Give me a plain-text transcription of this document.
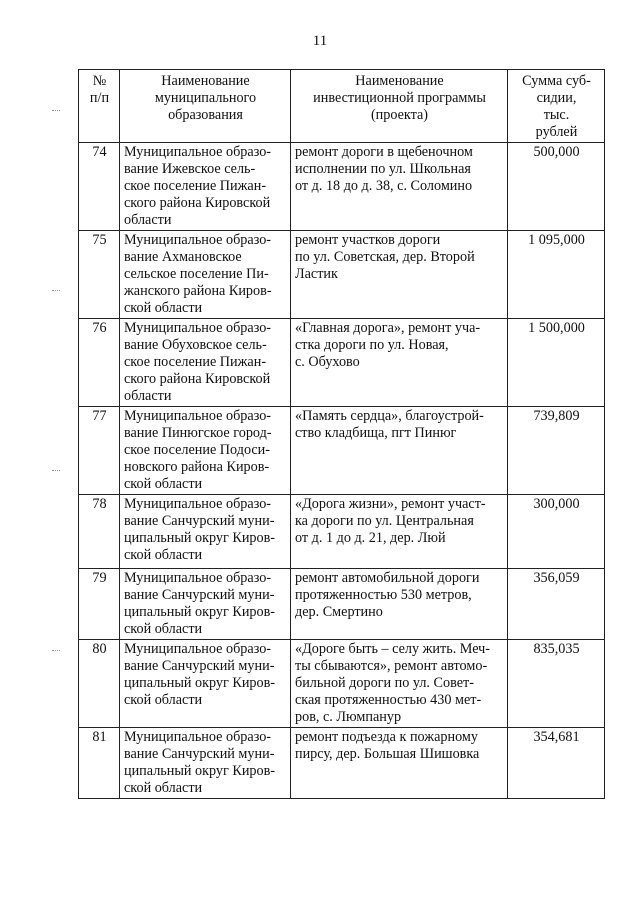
11
№
п/п	Наименование
муниципального
образования	Наименование
инвестиционной программы
(проекта)	Сумма суб-
сидии,
тыс.
рублей

74	Муниципальное образо-
вание Ижевское сель-
ское поселение Пижан-
ского района Кировской
области	ремонт дороги в щебеночном
исполнении по ул. Школьная
от д. 18 до д. 38, с. Соломино	500,000

75	Муниципальное образо-
вание Ахмановское
сельское поселение Пи-
жанского района Киров-
ской области	ремонт участков дороги
по ул. Советская, дер. Второй
Ластик	1 095,000

76	Муниципальное образо-
вание Обуховское сель-
ское поселение Пижан-
ского района Кировской
области	«Главная дорога», ремонт уча-
стка дороги по ул. Новая,
с. Обухово	1 500,000

77	Муниципальное образо-
вание Пинюгское город-
ское поселение Подоси-
новского района Киров-
ской области	«Память сердца», благоустрой-
ство кладбища, пгт Пинюг	739,809

78	Муниципальное образо-
вание Санчурский муни-
ципальный округ Киров-
ской области	«Дорога жизни», ремонт участ-
ка дороги по ул. Центральная
от д. 1 до д. 21, дер. Люй	300,000

79	Муниципальное образо-
вание Санчурский муни-
ципальный округ Киров-
ской области	ремонт автомобильной дороги
протяженностью 530 метров,
дер. Смертино	356,059

80	Муниципальное образо-
вание Санчурский муни-
ципальный округ Киров-
ской области	«Дороге быть – селу жить. Меч-
ты сбываются», ремонт автомо-
бильной дороги по ул. Совет-
ская протяженностью 430 мет-
ров, с. Люмпанур	835,035

81	Муниципальное образо-
вание Санчурский муни-
ципальный округ Киров-
ской области	ремонт подъезда к пожарному
пирсу, дер. Большая Шишовка	354,681
